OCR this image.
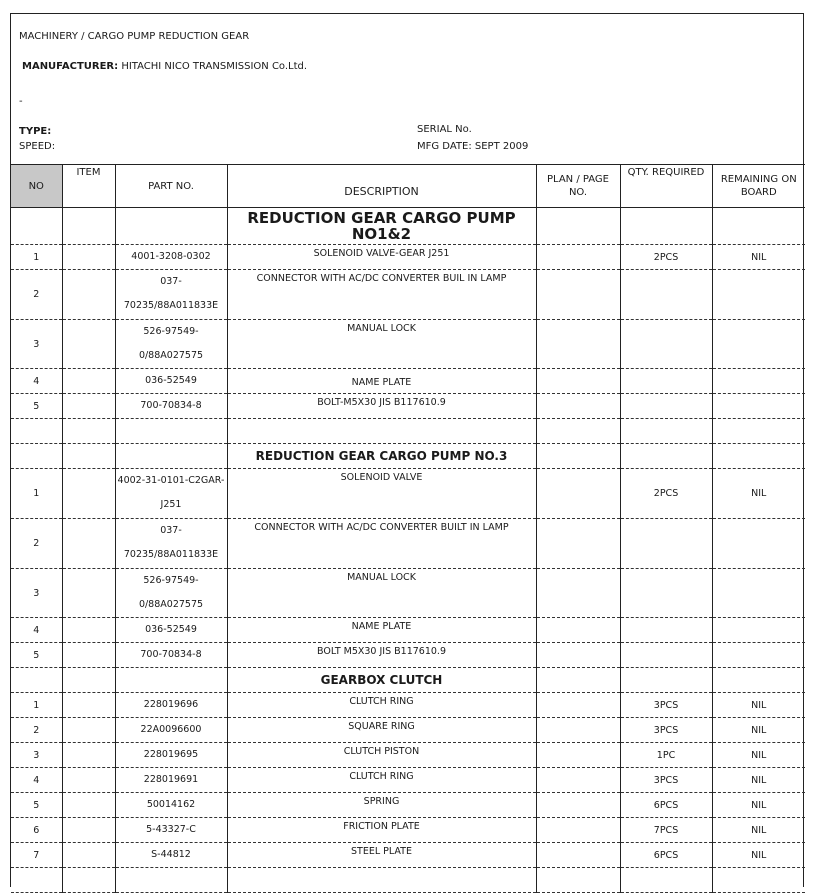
MACHINERY / CARGO PUMP REDUCTION GEAR
MANUFACTURER: HITACHI NICO TRANSMISSION Co.Ltd.
-
TYPE:
SPEED:
SERIAL No.
MFG DATE: SEPT 2009
NO	ITEM	PART NO.	DESCRIPTION	PLAN / PAGE NO.	QTY. REQUIRED	REMAINING ON BOARD
			REDUCTION GEAR CARGO PUMP NO1&2			
1		4001-3208-0302	SOLENOID VALVE-GEAR J251		2PCS	NIL
2		037-70235/88A011833E	CONNECTOR WITH AC/DC CONVERTER BUIL IN LAMP			
3		526-97549-0/88A027575	MANUAL LOCK			
4		036-52549	NAME PLATE			
5		700-70834-8	BOLT-M5X30 JIS B117610.9			

			REDUCTION GEAR CARGO PUMP NO.3			
1		4002-31-0101-C2GAR-J251	SOLENOID VALVE		2PCS	NIL
2		037-70235/88A011833E	CONNECTOR WITH AC/DC CONVERTER BUILT IN LAMP			
3		526-97549-0/88A027575	MANUAL LOCK			
4		036-52549	NAME PLATE			
5		700-70834-8	BOLT M5X30 JIS B117610.9			
			GEARBOX CLUTCH			
1		228019696	CLUTCH RING		3PCS	NIL
2		22A0096600	SQUARE RING		3PCS	NIL
3		228019695	CLUTCH PISTON		1PC	NIL
4		228019691	CLUTCH RING		3PCS	NIL
5		50014162	SPRING		6PCS	NIL
6		5-43327-C	FRICTION PLATE		7PCS	NIL
7		S-44812	STEEL PLATE		6PCS	NIL
